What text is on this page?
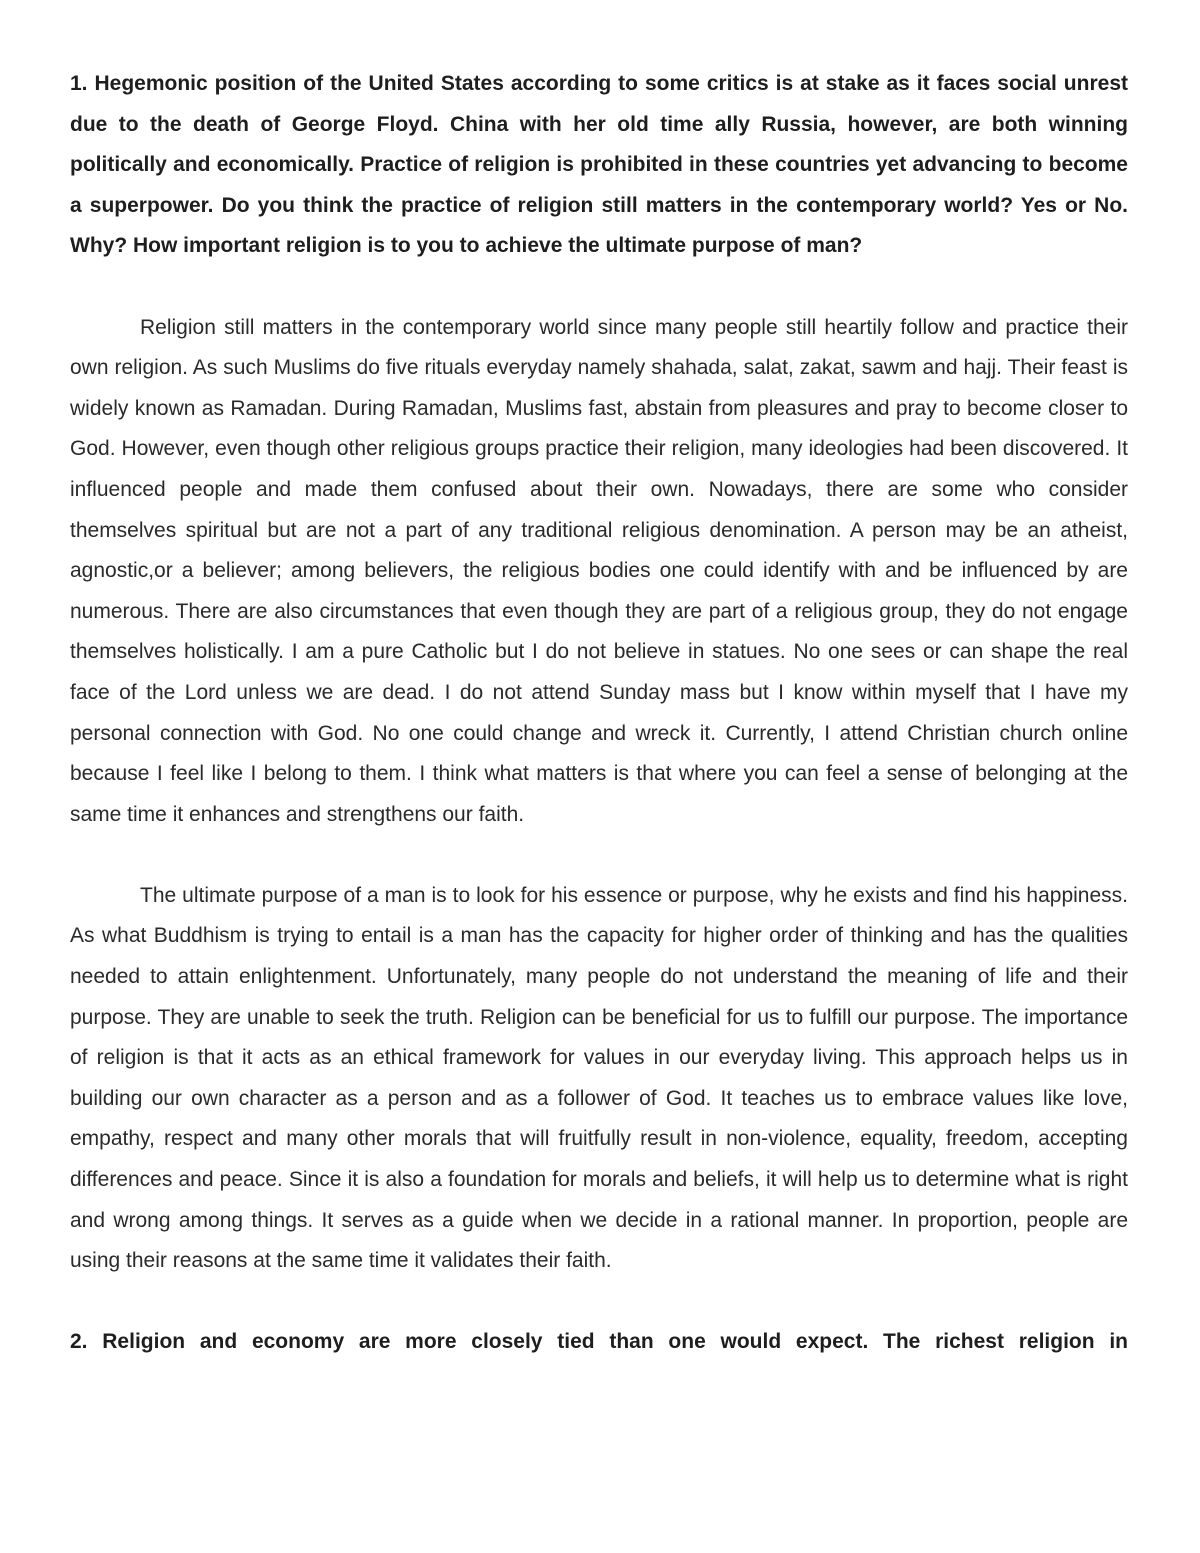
1. Hegemonic position of the United States according to some critics is at stake as it faces social unrest due to the death of George Floyd. China with her old time ally Russia, however, are both winning politically and economically. Practice of religion is prohibited in these countries yet advancing to become a superpower. Do you think the practice of religion still matters in the contemporary world? Yes or No. Why? How important religion is to you to achieve the ultimate purpose of man?

Religion still matters in the contemporary world since many people still heartily follow and practice their own religion. As such Muslims do five rituals everyday namely shahada, salat, zakat, sawm and hajj. Their feast is widely known as Ramadan. During Ramadan, Muslims fast, abstain from pleasures and pray to become closer to God. However, even though other religious groups practice their religion, many ideologies had been discovered. It influenced people and made them confused about their own. Nowadays, there are some who consider themselves spiritual but are not a part of any traditional religious denomination. A person may be an atheist, agnostic,or a believer; among believers, the religious bodies one could identify with and be influenced by are numerous. There are also circumstances that even though they are part of a religious group, they do not engage themselves holistically. I am a pure Catholic but I do not believe in statues. No one sees or can shape the real face of the Lord unless we are dead. I do not attend Sunday mass but I know within myself that I have my personal connection with God. No one could change and wreck it. Currently, I attend Christian church online because I feel like I belong to them. I think what matters is that where you can feel a sense of belonging at the same time it enhances and strengthens our faith.

The ultimate purpose of a man is to look for his essence or purpose, why he exists and find his happiness. As what Buddhism is trying to entail is a man has the capacity for higher order of thinking and has the qualities needed to attain enlightenment. Unfortunately, many people do not understand the meaning of life and their purpose. They are unable to seek the truth. Religion can be beneficial for us to fulfill our purpose. The importance of religion is that it acts as an ethical framework for values in our everyday living. This approach helps us in building our own character as a person and as a follower of God. It teaches us to embrace values like love, empathy, respect and many other morals that will fruitfully result in non-violence, equality, freedom, accepting differences and peace. Since it is also a foundation for morals and beliefs, it will help us to determine what is right and wrong among things. It serves as a guide when we decide in a rational manner. In proportion, people are using their reasons at the same time it validates their faith.

2. Religion and economy are more closely tied than one would expect. The richest religion in
